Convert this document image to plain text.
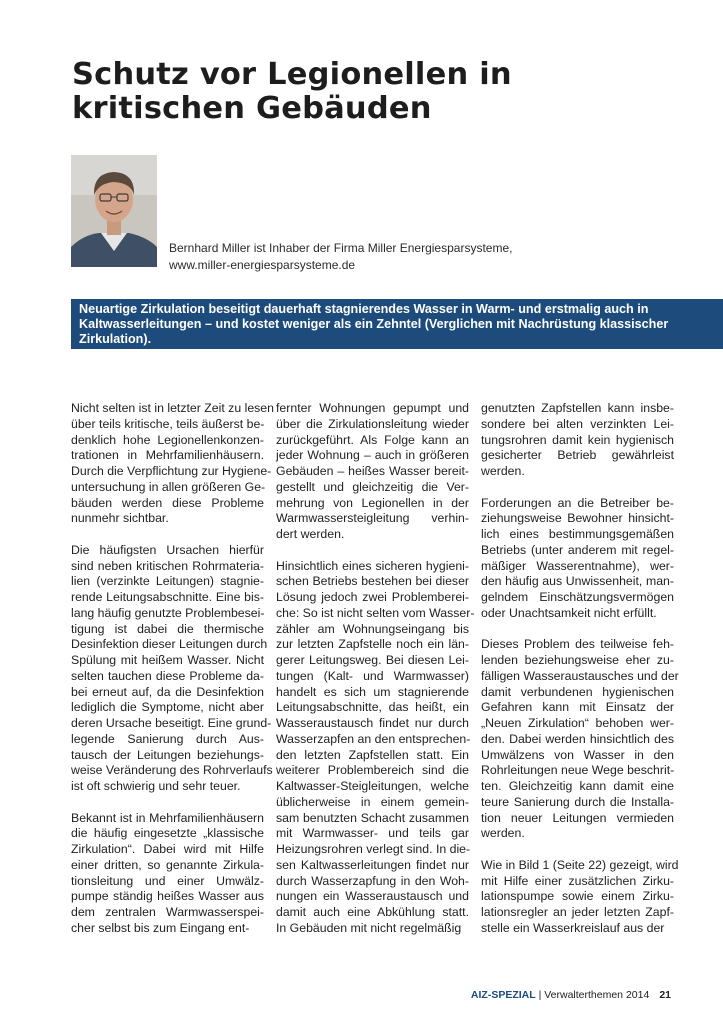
Schutz vor Legionellen in kritischen Gebäuden
Bernhard Miller ist Inhaber der Firma Miller Energiesparsysteme,
www.miller-energiesparsysteme.de
Neuartige Zirkulation beseitigt dauerhaft stagnierendes Wasser in Warm- und erstmalig auch in
Kaltwasserleitungen – und kostet weniger als ein Zehntel (Verglichen mit Nachrüstung klassischer
Zirkulation).
Nicht selten ist in letzter Zeit zu lesen
über teils kritische, teils äußerst be-
denklich hohe Legionellenkonzen-
trationen in Mehrfamilienhäusern.
Durch die Verpflichtung zur Hygiene-
untersuchung in allen größeren Ge-
bäuden werden diese Probleme
nunmehr sichtbar.
Die häufigsten Ursachen hierfür
sind neben kritischen Rohrmateria-
lien (verzinkte Leitungen) stagnie-
rende Leitungsabschnitte. Eine bis-
lang häufig genutzte Problembesei-
tigung ist dabei die thermische
Desinfektion dieser Leitungen durch
Spülung mit heißem Wasser. Nicht
selten tauchen diese Probleme da-
bei erneut auf, da die Desinfektion
lediglich die Symptome, nicht aber
deren Ursache beseitigt. Eine grund-
legende Sanierung durch Aus-
tausch der Leitungen beziehungs-
weise Veränderung des Rohrverlaufs
ist oft schwierig und sehr teuer.
Bekannt ist in Mehrfamilienhäusern
die häufig eingesetzte „klassische
Zirkulation“. Dabei wird mit Hilfe
einer dritten, so genannte Zirkula-
tionsleitung und einer Umwälz-
pumpe ständig heißes Wasser aus
dem zentralen Warmwasserspei-
cher selbst bis zum Eingang ent-
fernter Wohnungen gepumpt und
über die Zirkulationsleitung wieder
zurückgeführt. Als Folge kann an
jeder Wohnung – auch in größeren
Gebäuden – heißes Wasser bereit-
gestellt und gleichzeitig die Ver-
mehrung von Legionellen in der
Warmwassersteigleitung verhin-
dert werden.
Hinsichtlich eines sicheren hygieni-
schen Betriebs bestehen bei dieser
Lösung jedoch zwei Problemberei-
che: So ist nicht selten vom Wasser-
zähler am Wohnungseingang bis
zur letzten Zapfstelle noch ein län-
gerer Leitungsweg. Bei diesen Lei-
tungen (Kalt- und Warmwasser)
handelt es sich um stagnierende
Leitungsabschnitte, das heißt, ein
Wasseraustausch findet nur durch
Wasserzapfen an den entsprechen-
den letzten Zapfstellen statt. Ein
weiterer Problembereich sind die
Kaltwasser-Steigleitungen, welche
üblicherweise in einem gemein-
sam benutzten Schacht zusammen
mit Warmwasser- und teils gar
Heizungsrohren verlegt sind. In die-
sen Kaltwasserleitungen findet nur
durch Wasserzapfung in den Woh-
nungen ein Wasseraustausch und
damit auch eine Abkühlung statt.
In Gebäuden mit nicht regelmäßig
genutzten Zapfstellen kann insbe-
sondere bei alten verzinkten Lei-
tungsrohren damit kein hygienisch
gesicherter Betrieb gewährleist
werden.
Forderungen an die Betreiber be-
ziehungsweise Bewohner hinsicht-
lich eines bestimmungsgemäßen
Betriebs (unter anderem mit regel-
mäßiger Wasserentnahme), wer-
den häufig aus Unwissenheit, man-
gelndem Einschätzungsvermögen
oder Unachtsamkeit nicht erfüllt.
Dieses Problem des teilweise feh-
lenden beziehungsweise eher zu-
fälligen Wasseraustausches und der
damit verbundenen hygienischen
Gefahren kann mit Einsatz der
„Neuen Zirkulation“ behoben wer-
den. Dabei werden hinsichtlich des
Umwälzens von Wasser in den
Rohrleitungen neue Wege beschrit-
ten. Gleichzeitig kann damit eine
teure Sanierung durch die Installa-
tion neuer Leitungen vermieden
werden.
Wie in Bild 1 (Seite 22) gezeigt, wird
mit Hilfe einer zusätzlichen Zirku-
lationspumpe sowie einem Zirku-
lationsregler an jeder letzten Zapf-
stelle ein Wasserkreislauf aus der
AIZ-SPEZIAL | Verwalterthemen 2014 21
